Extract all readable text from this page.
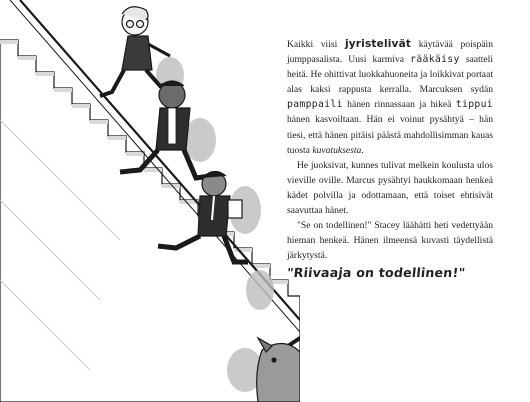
Kaikki viisi jyristelivät käytävää poispäin jumppasalista. Uusi karmiva rääkäisy saatteli heitä. He ohittivat luokkahuoneita ja loikkivat portaat alas kaksi rappusta kerralla. Marcuksen sydän pamppaili hänen rinnassaan ja hikeä tippui hänen kasvoiltaan. Hän ei voinut pysähtyä – hän tiesi, että hänen pitäisi päästä mahdollisimman kauas tuosta kuvatuksesta.

He juoksivat, kunnes tulivat melkein koulusta ulos vieville oville. Marcus pysähtyi haukkomaan henkeä kädet polvilla ja odottamaan, että toiset ehtisivät saavuttaa hänet.

"Se on todellinen!" Stacey läähätti heti vedettyään hieman henkeä. Hänen ilmeensä kuvasti täydellistä järkytystä.

"Riivaaja on todellinen!"
